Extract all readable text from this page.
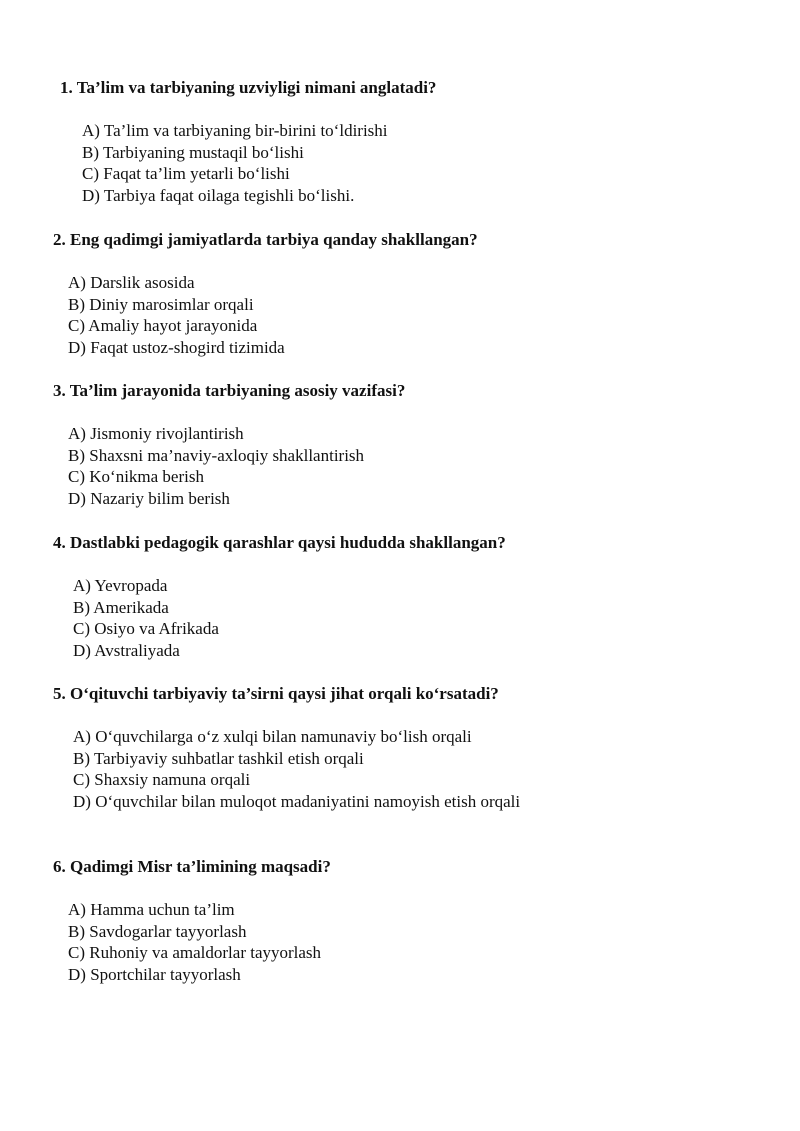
1. Ta’lim va tarbiyaning uzviyligi nimani anglatadi?
A) Ta’lim va tarbiyaning bir-birini to‘ldirishi
B) Tarbiyaning mustaqil bo‘lishi
C) Faqat ta’lim yetarli bo‘lishi
D) Tarbiya faqat oilaga tegishli bo‘lishi.
2. Eng qadimgi jamiyatlarda tarbiya qanday shakllangan?
A) Darslik asosida
B) Diniy marosimlar orqali
C) Amaliy hayot jarayonida
D) Faqat ustoz-shogird tizimida
3. Ta’lim jarayonida tarbiyaning asosiy vazifasi?
A) Jismoniy rivojlantirish
B) Shaxsni ma’naviy-axloqiy shakllantirish
C) Ko‘nikma berish
D) Nazariy bilim berish
4. Dastlabki pedagogik qarashlar qaysi hududda shakllangan?
A) Yevropada
B) Amerikada
C) Osiyo va Afrikada
D) Avstraliyada
5. O‘qituvchi tarbiyaviy ta’sirni qaysi jihat orqali ko‘rsatadi?
A) O‘quvchilarga o‘z xulqi bilan namunaviy bo‘lish orqali
B) Tarbiyaviy suhbatlar tashkil etish orqali
C) Shaxsiy namuna orqali
D) O‘quvchilar bilan muloqot madaniyatini namoyish etish orqali
6. Qadimgi Misr ta’limining maqsadi?
A) Hamma uchun ta’lim
B) Savdogarlar tayyorlash
C) Ruhoniy va amaldorlar tayyorlash
D) Sportchilar tayyorlash
